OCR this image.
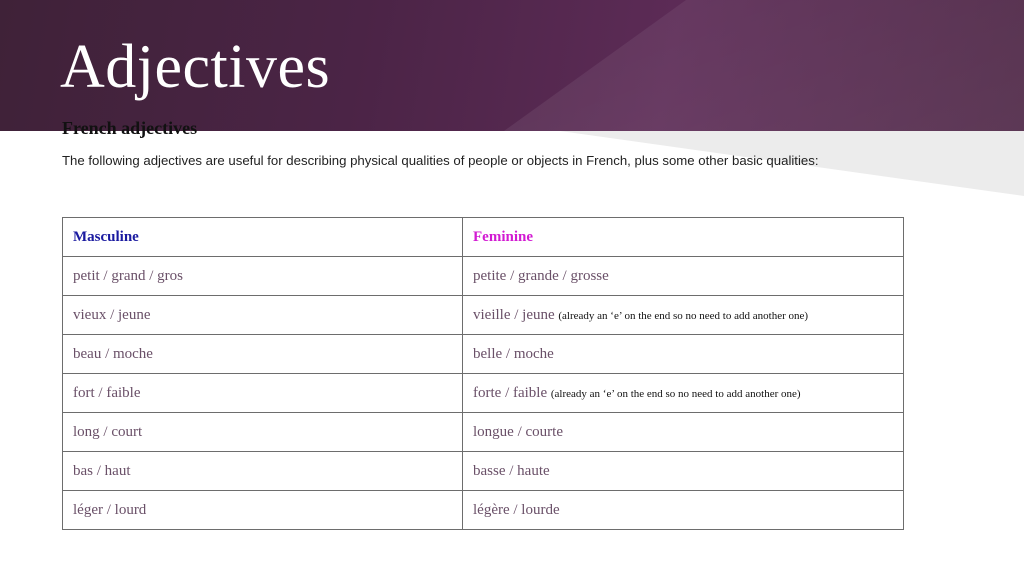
Adjectives
French adjectives

The following adjectives are useful for describing physical qualities of people or objects in French, plus some other basic qualities:

Masculine	Feminine
petit / grand / gros	petite / grande / grosse
vieux / jeune	vieille / jeune (already an ‘e’ on the end so no need to add another one)
beau / moche	belle / moche
fort / faible	forte / faible (already an ‘e’ on the end so no need to add another one)
long / court	longue / courte
bas / haut	basse / haute
léger / lourd	légère / lourde
